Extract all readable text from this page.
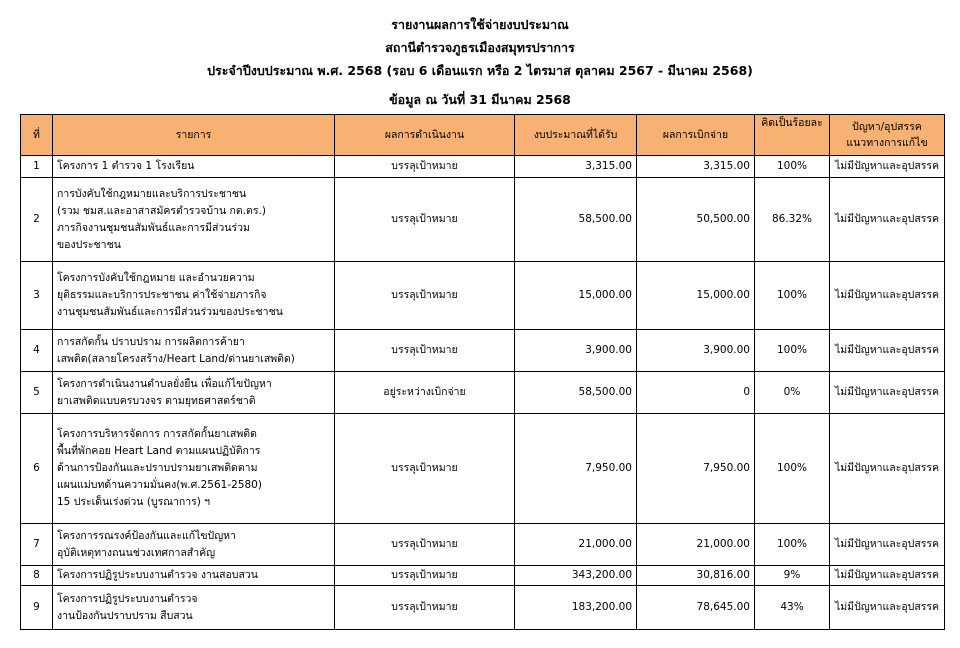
รายงานผลการใช้จ่ายงบประมาณ
สถานีตำรวจภูธรเมืองสมุทรปราการ
ประจำปีงบประมาณ พ.ศ. 2568 (รอบ 6 เดือนแรก หรือ 2 ไตรมาส ตุลาคม 2567 - มีนาคม 2568)
ข้อมูล ณ วันที่ 31 มีนาคม 2568
ที่	รายการ	ผลการดำเนินงาน	งบประมาณที่ได้รับ	ผลการเบิกจ่าย	คิดเป็นร้อยละ	ปัญหา/อุปสรรค
แนวทางการแก้ไข

1	โครงการ 1 ตำรวจ 1 โรงเรียน	บรรลุเป้าหมาย	3,315.00	3,315.00	100%	ไม่มีปัญหาและอุปสรรค
2	การบังคับใช้กฎหมายและบริการประชาชน
(รวม ชมส.และอาสาสมัครตำรวจบ้าน กต.ตร.)
ภารกิจงานชุมชนสัมพันธ์และการมีส่วนร่วม
ของประชาชน	บรรลุเป้าหมาย	58,500.00	50,500.00	86.32%	ไม่มีปัญหาและอุปสรรค
3	โครงการบังคับใช้กฎหมาย และอำนวยความ
ยุติธรรมและบริการประชาชน ค่าใช้จ่ายภารกิจ
งานชุมชนสัมพันธ์และการมีส่วนร่วมของประชาชน	บรรลุเป้าหมาย	15,000.00	15,000.00	100%	ไม่มีปัญหาและอุปสรรค
4	การสกัดกั้น ปราบปราม การผลิตการค้ายา
เสพติด(สลายโครงสร้าง/Heart Land/ด่านยาเสพติด)	บรรลุเป้าหมาย	3,900.00	3,900.00	100%	ไม่มีปัญหาและอุปสรรค
5	โครงการดำเนินงานตำบลยั่งยืน เพื่อแก้ไขปัญหา
ยาเสพติดแบบครบวงจร ตามยุทธศาสตร์ชาติ	อยู่ระหว่างเบิกจ่าย	58,500.00	0	0%	ไม่มีปัญหาและอุปสรรค
6	โครงการบริหารจัดการ การสกัดกั้นยาเสพติด
พื้นที่พักคอย Heart Land ตามแผนปฏิบัติการ
ด้านการป้องกันและปราบปรามยาเสพติดตาม
แผนแม่บทด้านความมั่นคง(พ.ศ.2561-2580)
15 ประเด็นเร่งด่วน (บูรณาการ) ฯ	บรรลุเป้าหมาย	7,950.00	7,950.00	100%	ไม่มีปัญหาและอุปสรรค
7	โครงการรณรงค์ป้องกันและแก้ไขปัญหา
อุบัติเหตุทางถนนช่วงเทศกาลสำคัญ	บรรลุเป้าหมาย	21,000.00	21,000.00	100%	ไม่มีปัญหาและอุปสรรค
8	โครงการปฏิรูประบบงานตำรวจ งานสอบสวน	บรรลุเป้าหมาย	343,200.00	30,816.00	9%	ไม่มีปัญหาและอุปสรรค
9	โครงการปฏิรูประบบงานตำรวจ
งานป้องกันปราบปราม สืบสวน	บรรลุเป้าหมาย	183,200.00	78,645.00	43%	ไม่มีปัญหาและอุปสรรค
